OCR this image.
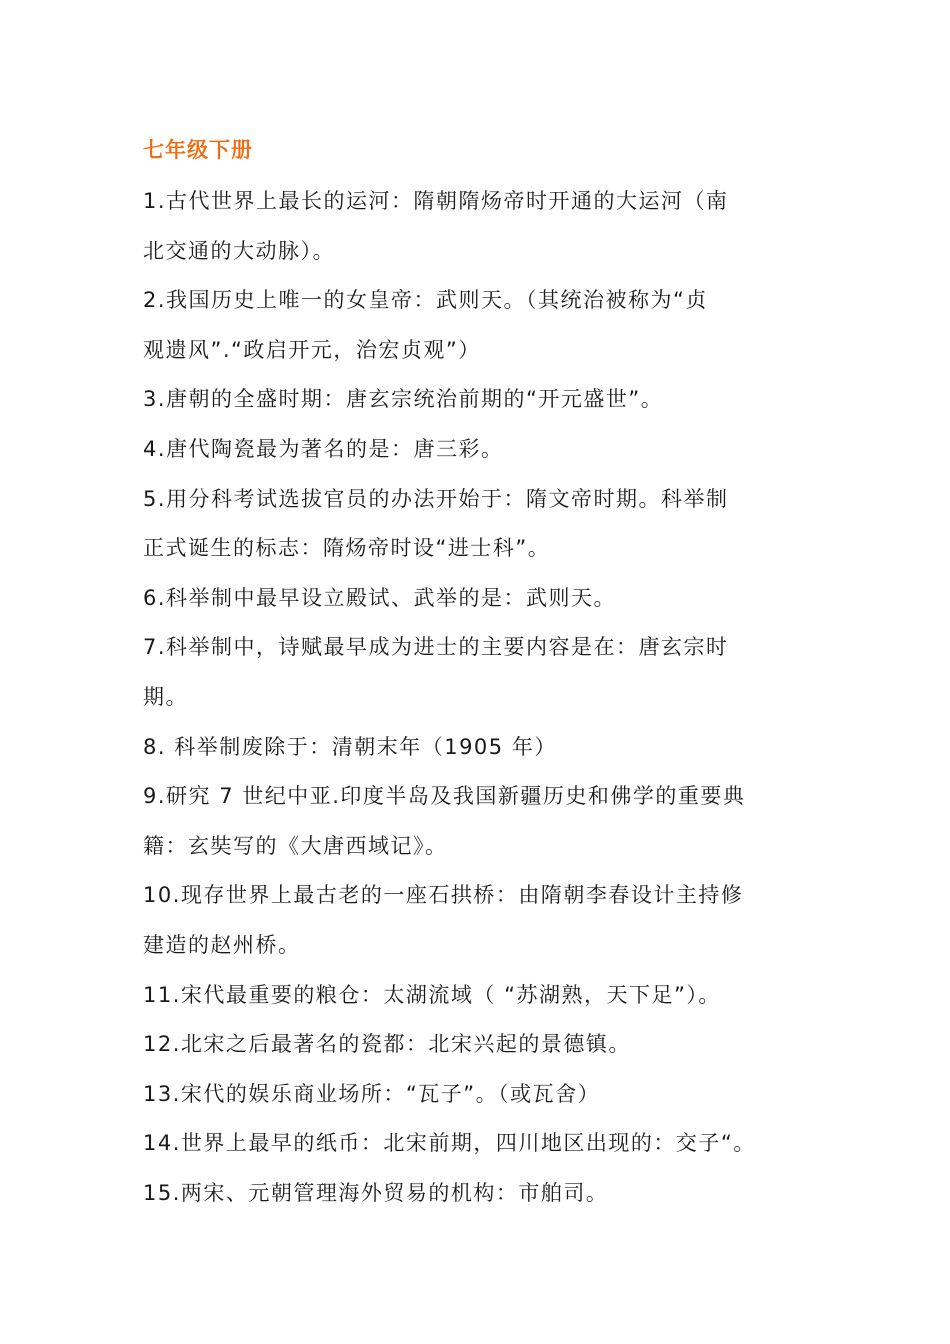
七年级下册
1.古代世界上最长的运河：隋朝隋炀帝时开通的大运河（南
北交通的大动脉）。
2.我国历史上唯一的女皇帝：武则天。（其统治被称为“贞
观遗风”.“政启开元，治宏贞观”）
3.唐朝的全盛时期：唐玄宗统治前期的“开元盛世”。
4.唐代陶瓷最为著名的是：唐三彩。
5.用分科考试选拔官员的办法开始于：隋文帝时期。科举制
正式诞生的标志：隋炀帝时设“进士科”。
6.科举制中最早设立殿试、武举的是：武则天。
7.科举制中，诗赋最早成为进士的主要内容是在：唐玄宗时
期。
8. 科举制废除于：清朝末年（1905 年）
9.研究 7 世纪中亚.印度半岛及我国新疆历史和佛学的重要典
籍：玄奘写的《大唐西域记》。
10.现存世界上最古老的一座石拱桥：由隋朝李春设计主持修
建造的赵州桥。
11.宋代最重要的粮仓：太湖流域（ “苏湖熟，天下足”）。
12.北宋之后最著名的瓷都：北宋兴起的景德镇。
13.宋代的娱乐商业场所：“瓦子”。（或瓦舍）
14.世界上最早的纸币：北宋前期，四川地区出现的：交子“。
15.两宋、元朝管理海外贸易的机构：市舶司。
